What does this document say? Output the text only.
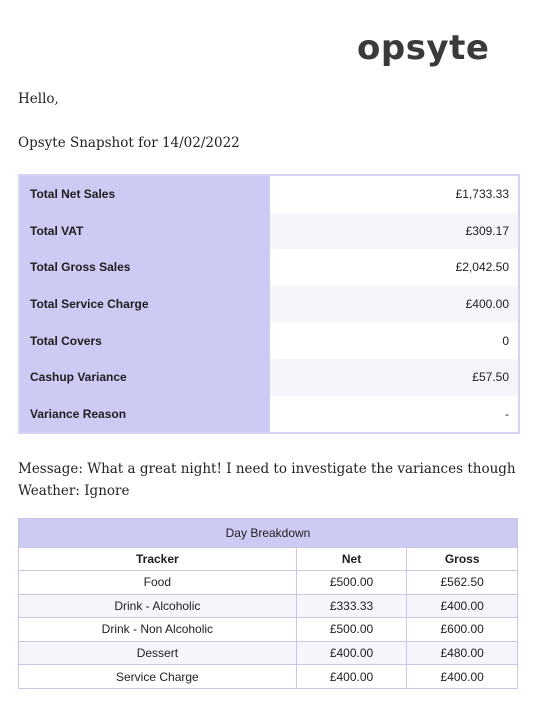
opsyte
Hello,
Opsyte Snapshot for 14/02/2022
Total Net Sales	£1,733.33
Total VAT	£309.17
Total Gross Sales	£2,042.50
Total Service Charge	£400.00
Total Covers	0
Cashup Variance	£57.50
Variance Reason	-
Message: What a great night! I need to investigate the variances though
Weather: Ignore
Day Breakdown		
Tracker	Net	Gross
Food	£500.00	£562.50
Drink - Alcoholic	£333.33	£400.00
Drink - Non Alcoholic	£500.00	£600.00
Dessert	£400.00	£480.00
Service Charge	£400.00	£400.00
